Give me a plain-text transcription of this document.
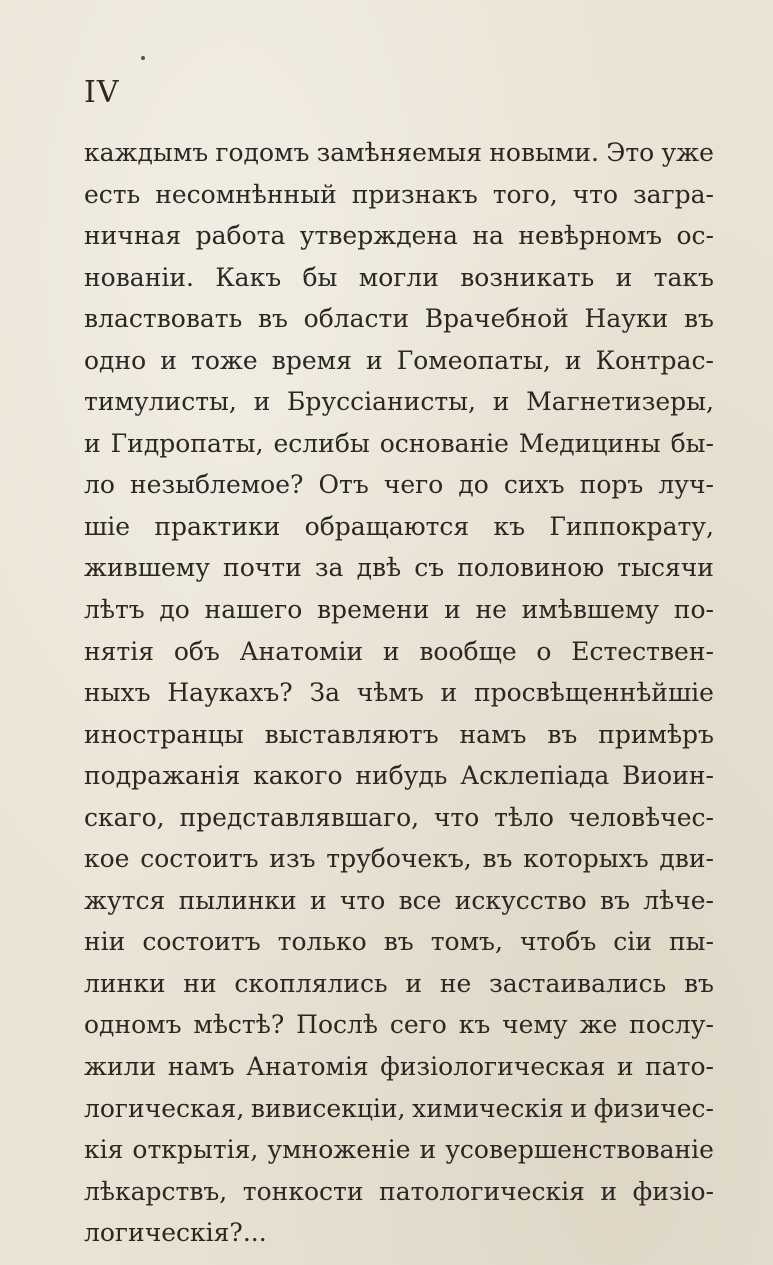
IV
каждымъ годомъ замѣняемыя новыми. Это уже
есть несомнѣнный признакъ того, что загра-
ничная работа утверждена на невѣрномъ ос-
нованіи. Какъ бы могли возникать и такъ
властвовать въ области Врачебной Науки въ
одно и тоже время и Гомеопаты, и Контрас-
тимулисты, и Бруссіанисты, и Магнетизеры,
и Гидропаты, еслибы основаніе Медицины бы-
ло незыблемое? Отъ чего до сихъ поръ луч-
шіе практики обращаются къ Гиппократу,
жившему почти за двѣ съ половиною тысячи
лѣтъ до нашего времени и не имѣвшему по-
нятія объ Анатоміи и вообще о Естествен-
ныхъ Наукахъ? За чѣмъ и просвѣщеннѣйшіе
иностранцы выставляютъ намъ въ примѣръ
подражанія какого нибудь Асклепіада Виоин-
скаго, представлявшаго, что тѣло человѣчес-
кое состоитъ изъ трубочекъ, въ которыхъ дви-
жутся пылинки и что все искусство въ лѣче-
ніи состоитъ только въ томъ, чтобъ сіи пы-
линки ни скоплялись и не застаивались въ
одномъ мѣстѣ? Послѣ сего къ чему же послу-
жили намъ Анатомія физіологическая и пато-
логическая, вивисекціи, химическія и физичес-
кія открытія, умноженіе и усовершенствованіе
лѣкарствъ, тонкости патологическія и физіо-
логическія?...
